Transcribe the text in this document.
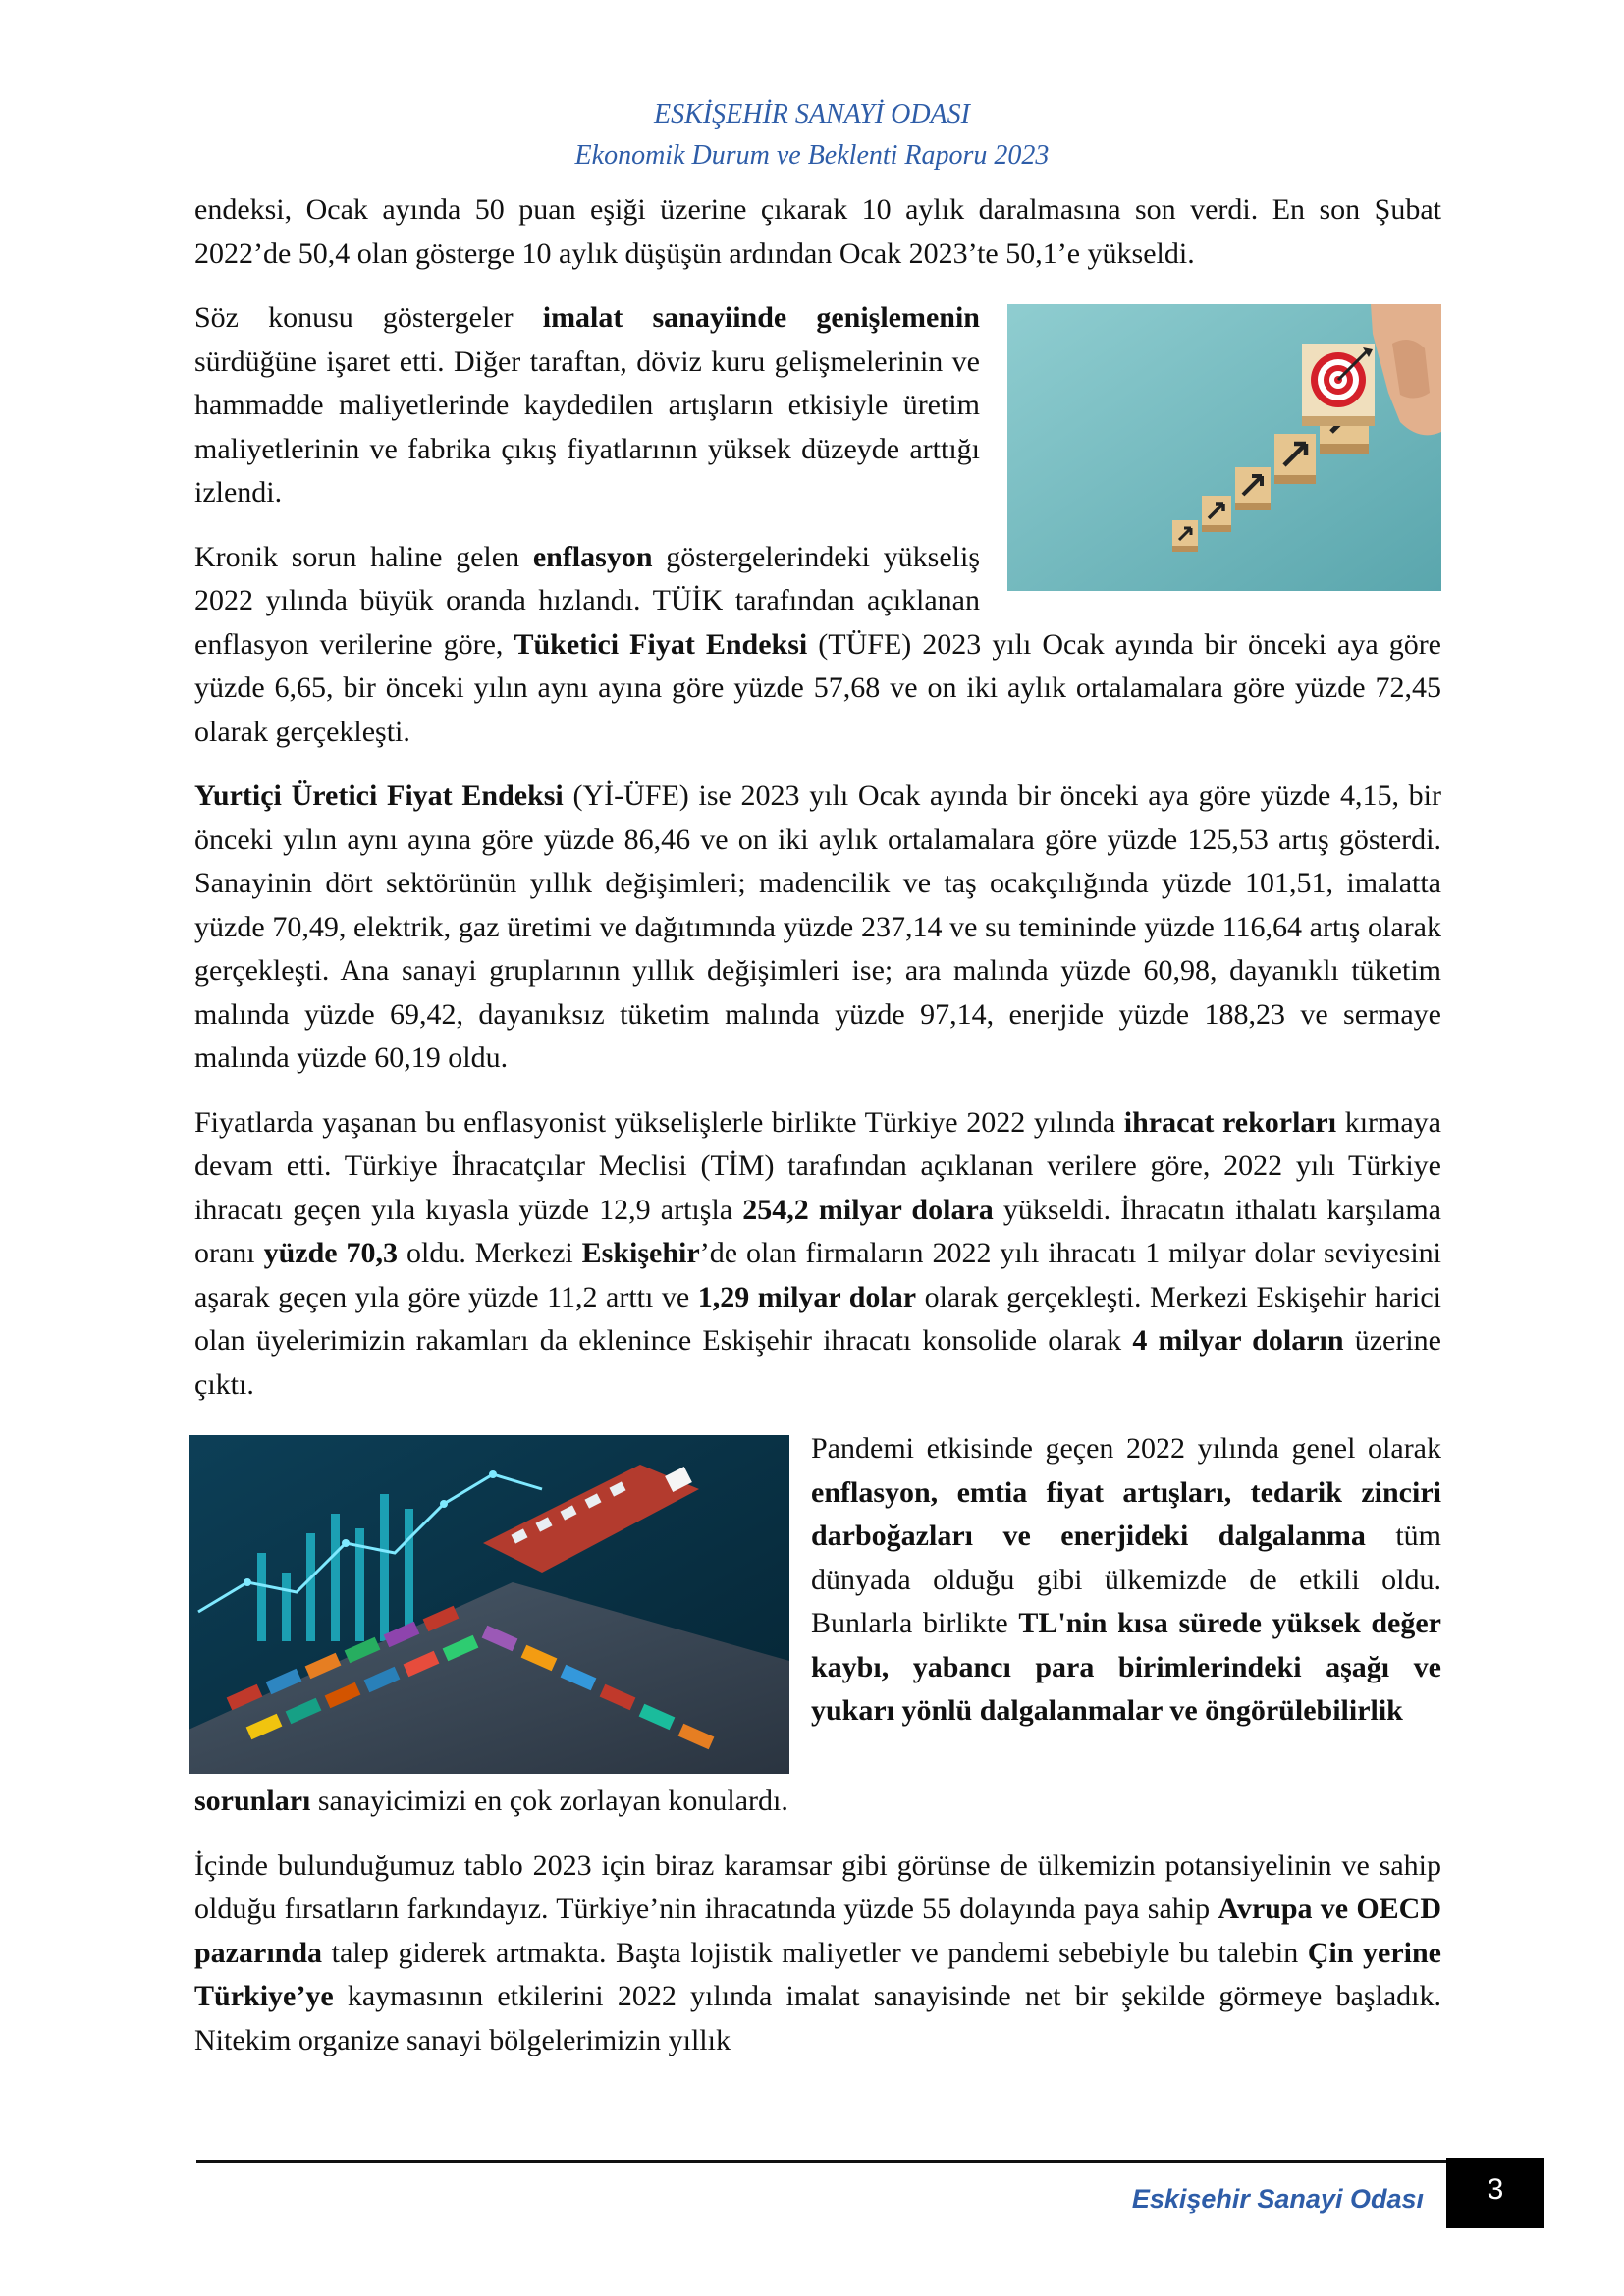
ESKİŞEHİR SANAYİ ODASI
Ekonomik Durum ve Beklenti Raporu 2023

endeksi, Ocak ayında 50 puan eşiği üzerine çıkarak 10 aylık daralmasına son verdi. En son Şubat 2022’de 50,4 olan gösterge 10 aylık düşüşün ardından Ocak 2023’te 50,1’e yükseldi.

Söz konusu göstergeler imalat sanayiinde genişlemenin sürdüğüne işaret etti. Diğer taraftan, döviz kuru gelişmelerinin ve hammadde maliyetlerinde kaydedilen artışların etkisiyle üretim maliyetlerinin ve fabrika çıkış fiyatlarının yüksek düzeyde arttığı izlendi.

Kronik sorun haline gelen enflasyon göstergelerindeki yükseliş 2022 yılında büyük oranda hızlandı. TÜİK tarafından açıklanan enflasyon verilerine göre, Tüketici Fiyat Endeksi (TÜFE) 2023 yılı Ocak ayında bir önceki aya göre yüzde 6,65, bir önceki yılın aynı ayına göre yüzde 57,68 ve on iki aylık ortalamalara göre yüzde 72,45 olarak gerçekleşti.

Yurtiçi Üretici Fiyat Endeksi (Yİ-ÜFE) ise 2023 yılı Ocak ayında bir önceki aya göre yüzde 4,15, bir önceki yılın aynı ayına göre yüzde 86,46 ve on iki aylık ortalamalara göre yüzde 125,53 artış gösterdi. Sanayinin dört sektörünün yıllık değişimleri; madencilik ve taş ocakçılığında yüzde 101,51, imalatta yüzde 70,49, elektrik, gaz üretimi ve dağıtımında yüzde 237,14 ve su temininde yüzde 116,64 artış olarak gerçekleşti. Ana sanayi gruplarının yıllık değişimleri ise; ara malında yüzde 60,98, dayanıklı tüketim malında yüzde 69,42, dayanıksız tüketim malında yüzde 97,14, enerjide yüzde 188,23 ve sermaye malında yüzde 60,19 oldu.

Fiyatlarda yaşanan bu enflasyonist yükselişlerle birlikte Türkiye 2022 yılında ihracat rekorları kırmaya devam etti. Türkiye İhracatçılar Meclisi (TİM) tarafından açıklanan verilere göre, 2022 yılı Türkiye ihracatı geçen yıla kıyasla yüzde 12,9 artışla 254,2 milyar dolara yükseldi. İhracatın ithalatı karşılama oranı yüzde 70,3 oldu. Merkezi Eskişehir’de olan firmaların 2022 yılı ihracatı 1 milyar dolar seviyesini aşarak geçen yıla göre yüzde 11,2 arttı ve 1,29 milyar dolar olarak gerçekleşti. Merkezi Eskişehir harici olan üyelerimizin rakamları da eklenince Eskişehir ihracatı konsolide olarak 4 milyar doların üzerine çıktı.

Pandemi etkisinde geçen 2022 yılında genel olarak enflasyon, emtia fiyat artışları, tedarik zinciri darboğazları ve enerjideki dalgalanma tüm dünyada olduğu gibi ülkemizde de etkili oldu. Bunlarla birlikte TL'nin kısa sürede yüksek değer kaybı, yabancı para birimlerindeki aşağı ve yukarı yönlü dalgalanmalar ve öngörülebilirlik

sorunları sanayicimizi en çok zorlayan konulardı.

İçinde bulunduğumuz tablo 2023 için biraz karamsar gibi görünse de ülkemizin potansiyelinin ve sahip olduğu fırsatların farkındayız. Türkiye’nin ihracatında yüzde 55 dolayında paya sahip Avrupa ve OECD pazarında talep giderek artmakta. Başta lojistik maliyetler ve pandemi sebebiyle bu talebin Çin yerine Türkiye’ye kaymasının etkilerini 2022 yılında imalat sanayisinde net bir şekilde görmeye başladık. Nitekim organize sanayi bölgelerimizin yıllık

Eskişehir Sanayi Odası	3
